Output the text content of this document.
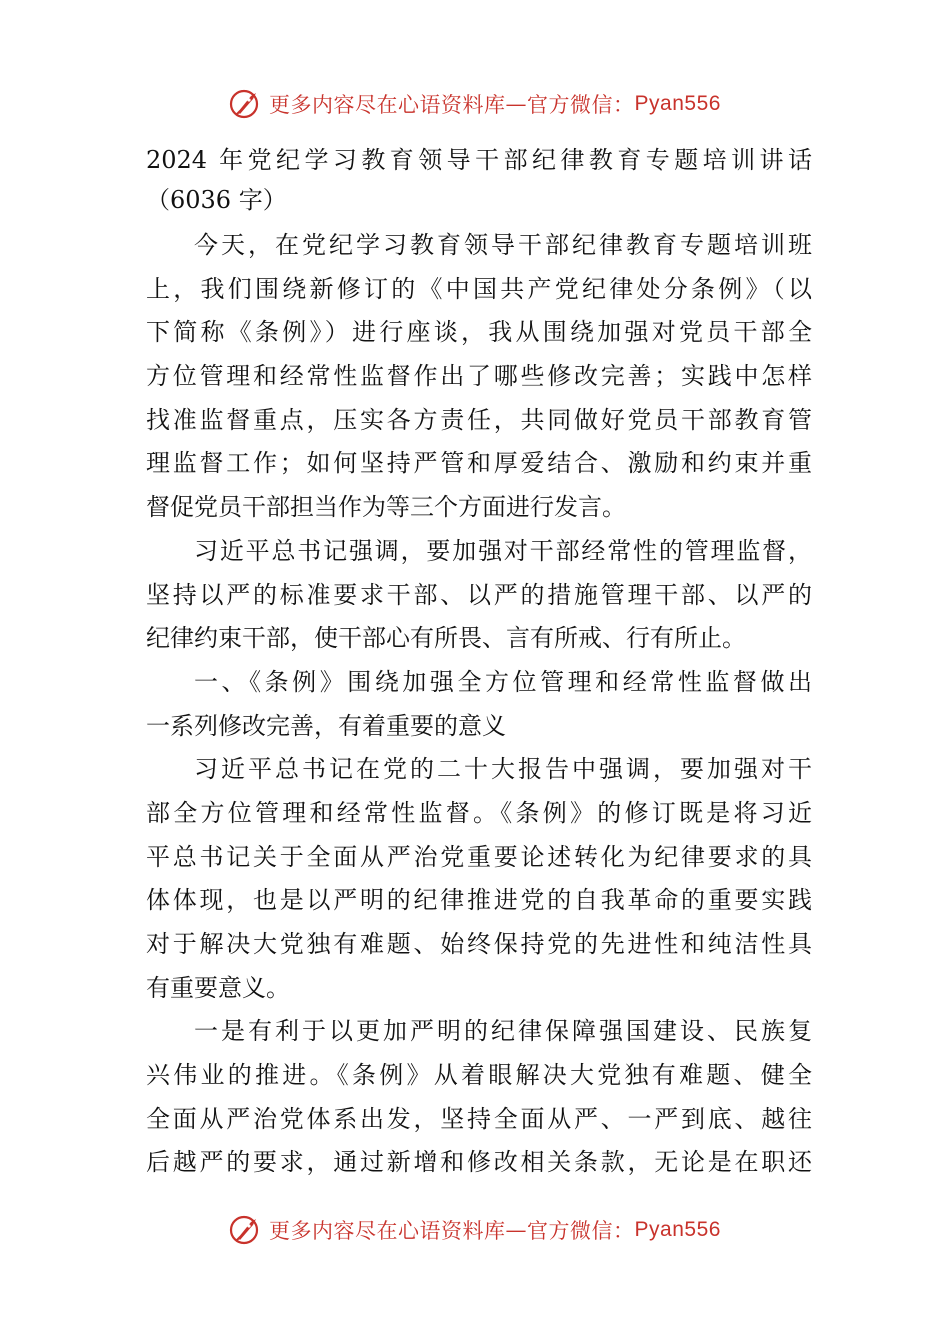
更多内容尽在心语资料库 — 官方微信： Pyan556
2024 年党纪学习教育领导干部纪律教育专题培训讲话
（6036 字）
今天，在党纪学习教育领导干部纪律教育专题培训班
上，我们围绕新修订的《中国共产党纪律处分条例》（以
下简称《条例》）进行座谈，我从围绕加强对党员干部全
方位管理和经常性监督作出了哪些修改完善；实践中怎样
找准监督重点，压实各方责任，共同做好党员干部教育管
理监督工作；如何坚持严管和厚爱结合、激励和约束并重
督促党员干部担当作为等三个方面进行发言。
习近平总书记强调，要加强对干部经常性的管理监督，
坚持以严的标准要求干部、以严的措施管理干部、以严的
纪律约束干部，使干部心有所畏、言有所戒、行有所止。
一、《条例》围绕加强全方位管理和经常性监督做出
一系列修改完善，有着重要的意义
习近平总书记在党的二十大报告中强调，要加强对干
部全方位管理和经常性监督。《条例》的修订既是将习近
平总书记关于全面从严治党重要论述转化为纪律要求的具
体体现，也是以严明的纪律推进党的自我革命的重要实践
对于解决大党独有难题、始终保持党的先进性和纯洁性具
有重要意义。
一是有利于以更加严明的纪律保障强国建设、民族复
兴伟业的推进。《条例》从着眼解决大党独有难题、健全
全面从严治党体系出发，坚持全面从严、一严到底、越往
后越严的要求，通过新增和修改相关条款，无论是在职还
更多内容尽在心语资料库 — 官方微信： Pyan556
